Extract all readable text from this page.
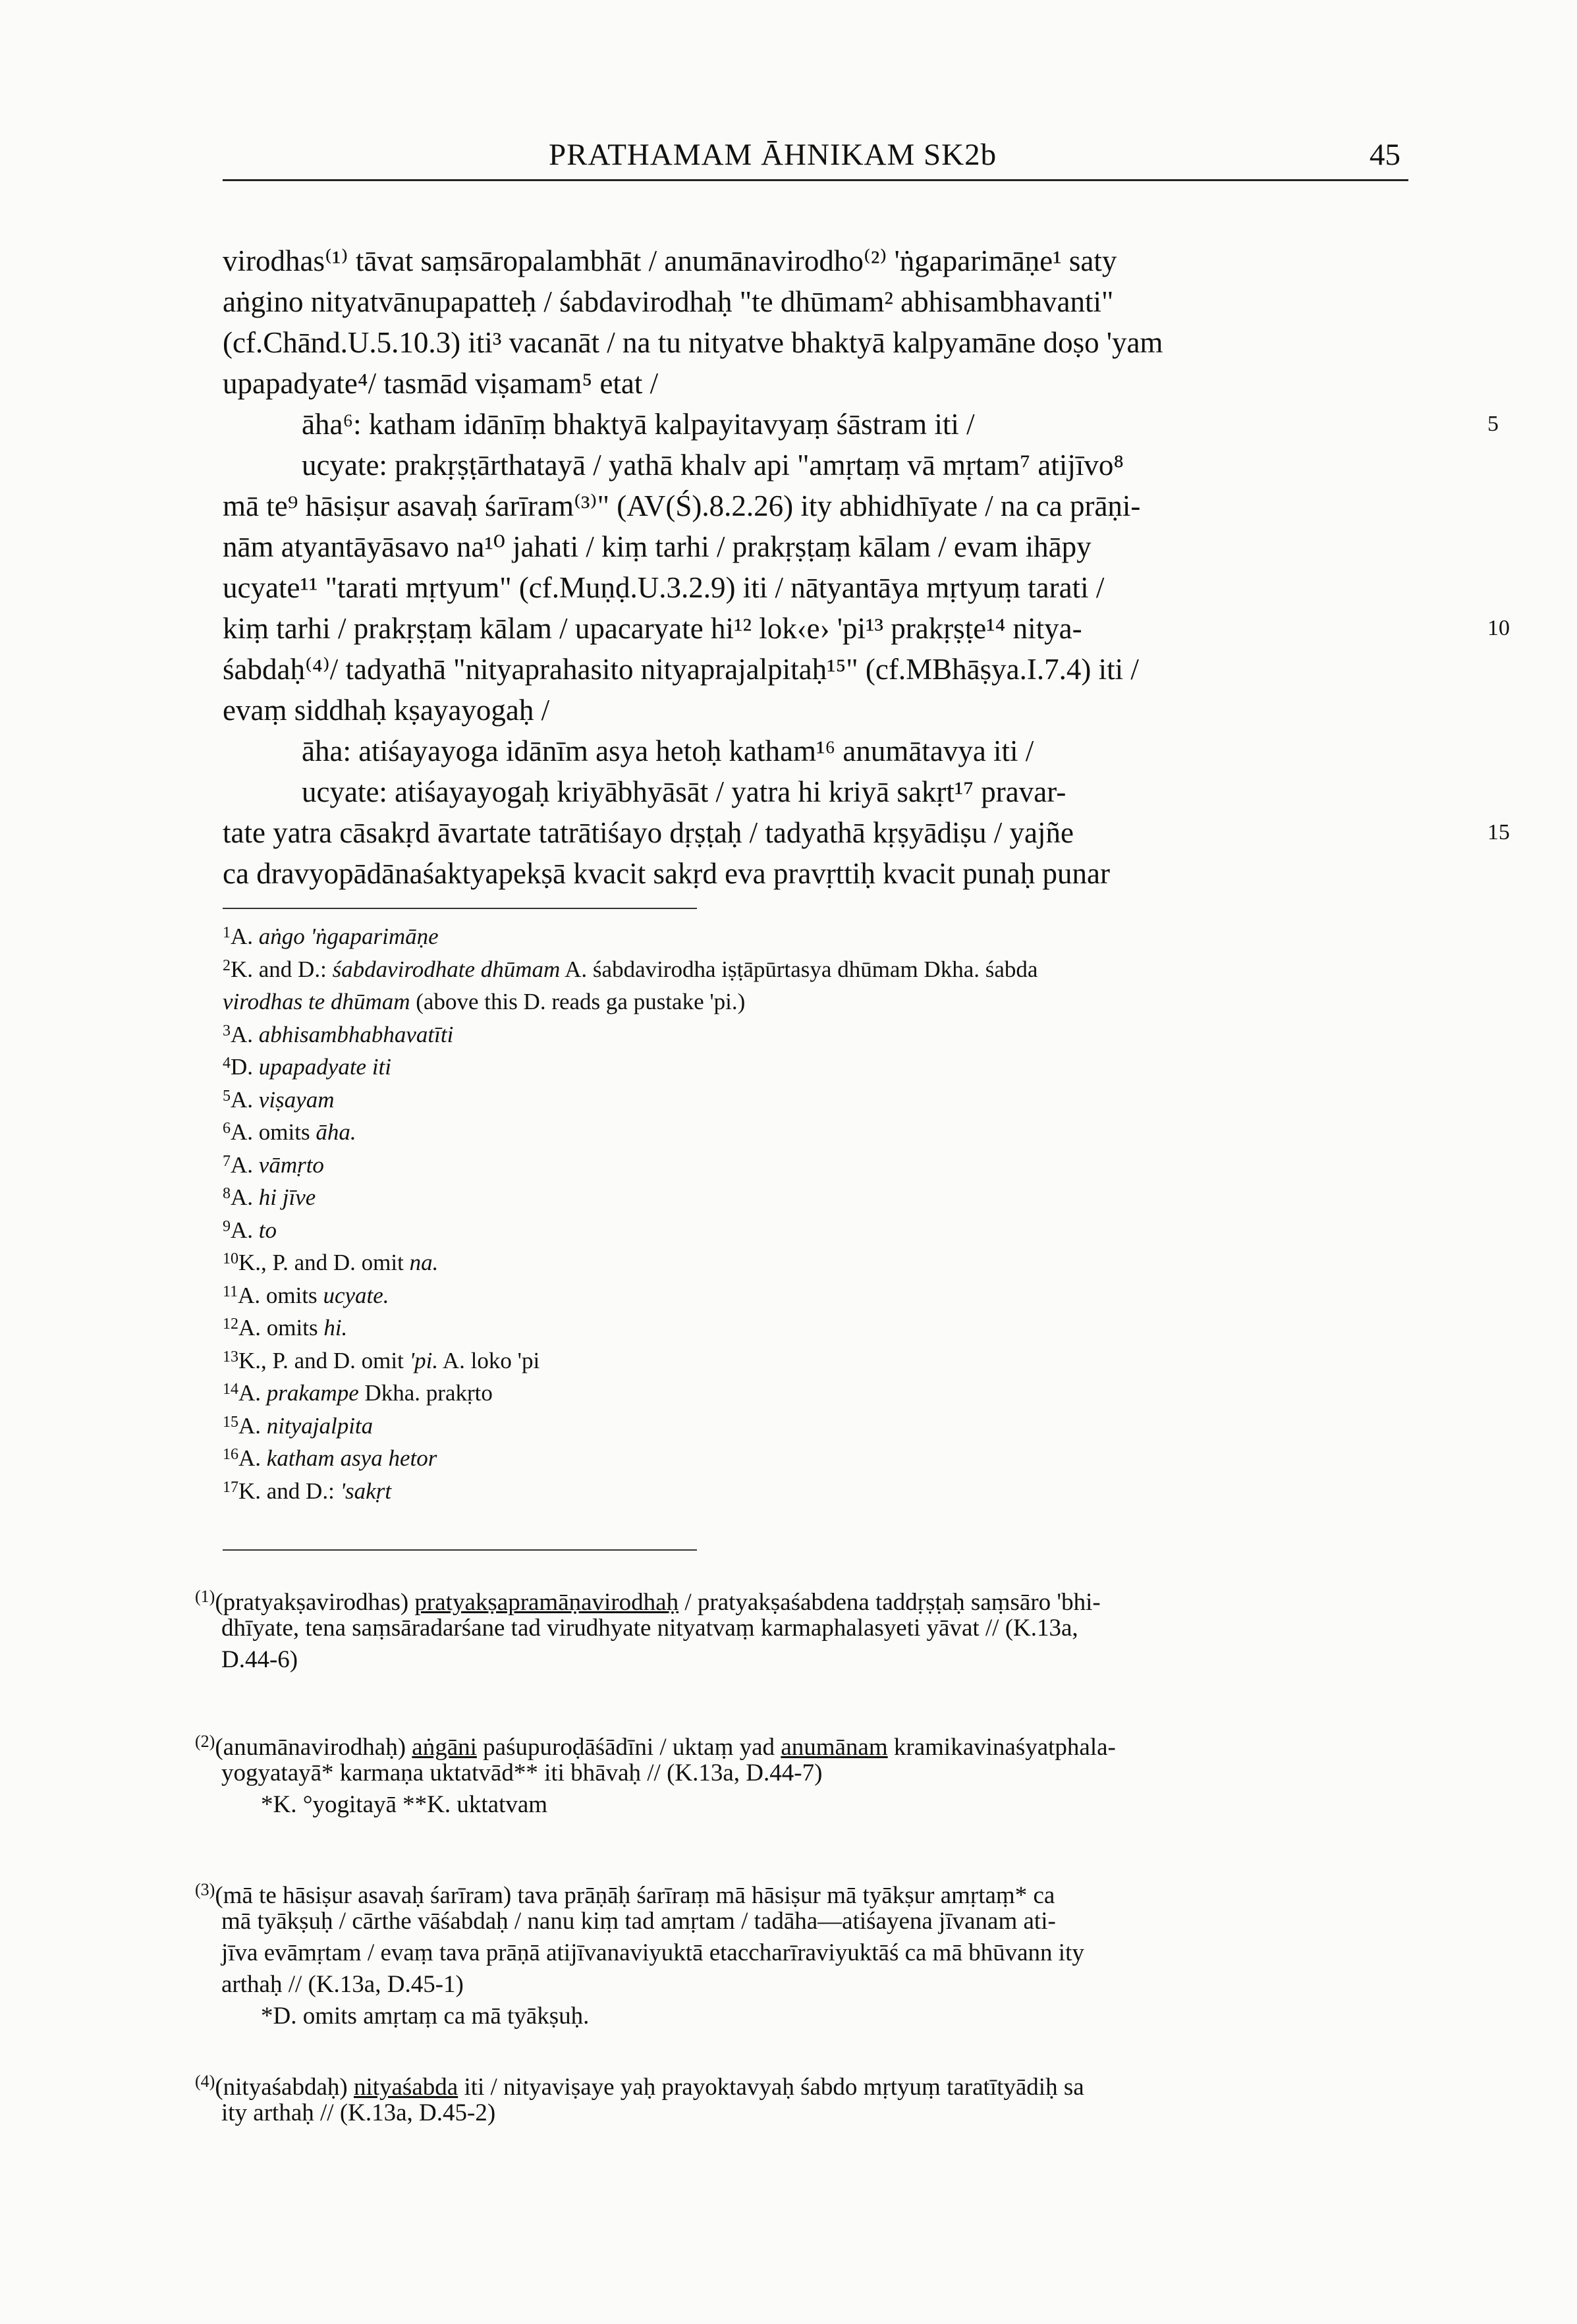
PRATHAMAM ĀHNIKAM SK2b	45
virodhas⁽¹⁾ tāvat saṃsāropalambhāt / anumānavirodho⁽²⁾ 'ṅgaparimāṇe¹ saty
aṅgino nityatvānupapatteḥ / śabdavirodhaḥ "te dhūmam² abhisambhavanti"
(cf.Chānd.U.5.10.3) iti³ vacanāt / na tu nityatve bhaktyā kalpyamāne doṣo 'yam
upapadyate⁴/ tasmād viṣamam⁵ etat /
āha⁶: katham idānīṃ bhaktyā kalpayitavyaṃ śāstram iti /	5
ucyate: prakṛṣṭārthatayā / yathā khalv api "amṛtaṃ vā mṛtam⁷ atijīvo⁸
mā te⁹ hāsiṣur asavaḥ śarīram⁽³⁾" (AV(Ś).8.2.26) ity abhidhīyate / na ca prāṇi-
nām atyantāyāsavo na¹⁰ jahati / kiṃ tarhi / prakṛṣṭaṃ kālam / evam ihāpy
ucyate¹¹ "tarati mṛtyum" (cf.Muṇḍ.U.3.2.9) iti / nātyantāya mṛtyuṃ tarati /
kiṃ tarhi / prakṛṣṭaṃ kālam / upacaryate hi¹² lok‹e› 'pi¹³ prakṛṣṭe¹⁴ nitya-	10
śabdaḥ⁽⁴⁾/ tadyathā "nityaprahasito nityaprajalpitaḥ¹⁵" (cf.MBhāṣya.I.7.4) iti /
evaṃ siddhaḥ kṣayayogaḥ /
āha: atiśayayoga idānīm asya hetoḥ katham¹⁶ anumātavya iti /
ucyate: atiśayayogaḥ kriyābhyāsāt / yatra hi kriyā sakṛt¹⁷ pravar-
tate yatra cāsakṛd āvartate tatrātiśayo dṛṣṭaḥ / tadyathā kṛṣyādiṣu / yajñe	15
ca dravyopādānaśaktyapekṣā kvacit sakṛd eva pravṛttiḥ kvacit punaḥ punar
$^1$A. aṅgo 'ṅgaparimāṇe
$^2$K. and D.: śabdavirodhate dhūmam A. śabdavirodha iṣṭāpūrtasya dhūmam Dkha. śabda
virodhas te dhūmam (above this D. reads ga pustake 'pi.)
$^3$A. abhisambhabhavatīti
$^4$D. upapadyate iti
$^5$A. viṣayam
$^6$A. omits āha.
$^7$A. vāmṛto
$^8$A. hi jīve
$^9$A. to
$^{10}$K., P. and D. omit na.
$^{11}$A. omits ucyate.
$^{12}$A. omits hi.
$^{13}$K., P. and D. omit 'pi. A. loko 'pi
$^{14}$A. prakampe Dkha. prakṛto
$^{15}$A. nityajalpita
$^{16}$A. katham asya hetor
$^{17}$K. and D.: 'sakṛt
$^{(1)}$(pratyakṣavirodhas) pratyakṣapramāṇavirodhaḥ / pratyakṣaśabdena taddṛṣṭaḥ saṃsāro 'bhi-
dhīyate, tena saṃsāradarśane tad virudhyate nityatvaṃ karmaphalasyeti yāvat // (K.13a,
D.44-6)
$^{(2)}$(anumānavirodhaḥ) aṅgāni paśupuroḍāśādīni / uktaṃ yad anumānam kramikavinaśyatphala-
yogyatayā* karmaṇa uktatvād** iti bhāvaḥ // (K.13a, D.44-7)
*K. °yogitayā **K. uktatvam
$^{(3)}$(mā te hāsiṣur asavaḥ śarīram) tava prāṇāḥ śarīraṃ mā hāsiṣur mā tyākṣur amṛtaṃ* ca
mā tyākṣuḥ / cārthe vāśabdaḥ / nanu kiṃ tad amṛtam / tadāha—atiśayena jīvanam ati-
jīva evāmṛtam / evaṃ tava prāṇā atijīvanaviyuktā etaccharīraviyuktāś ca mā bhūvann ity
arthaḥ // (K.13a, D.45-1)
*D. omits amṛtaṃ ca mā tyākṣuḥ.
$^{(4)}$(nityaśabdaḥ) nityaśabda iti / nityaviṣaye yaḥ prayoktavyaḥ śabdo mṛtyuṃ taratītyādiḥ sa
ity arthaḥ // (K.13a, D.45-2)
